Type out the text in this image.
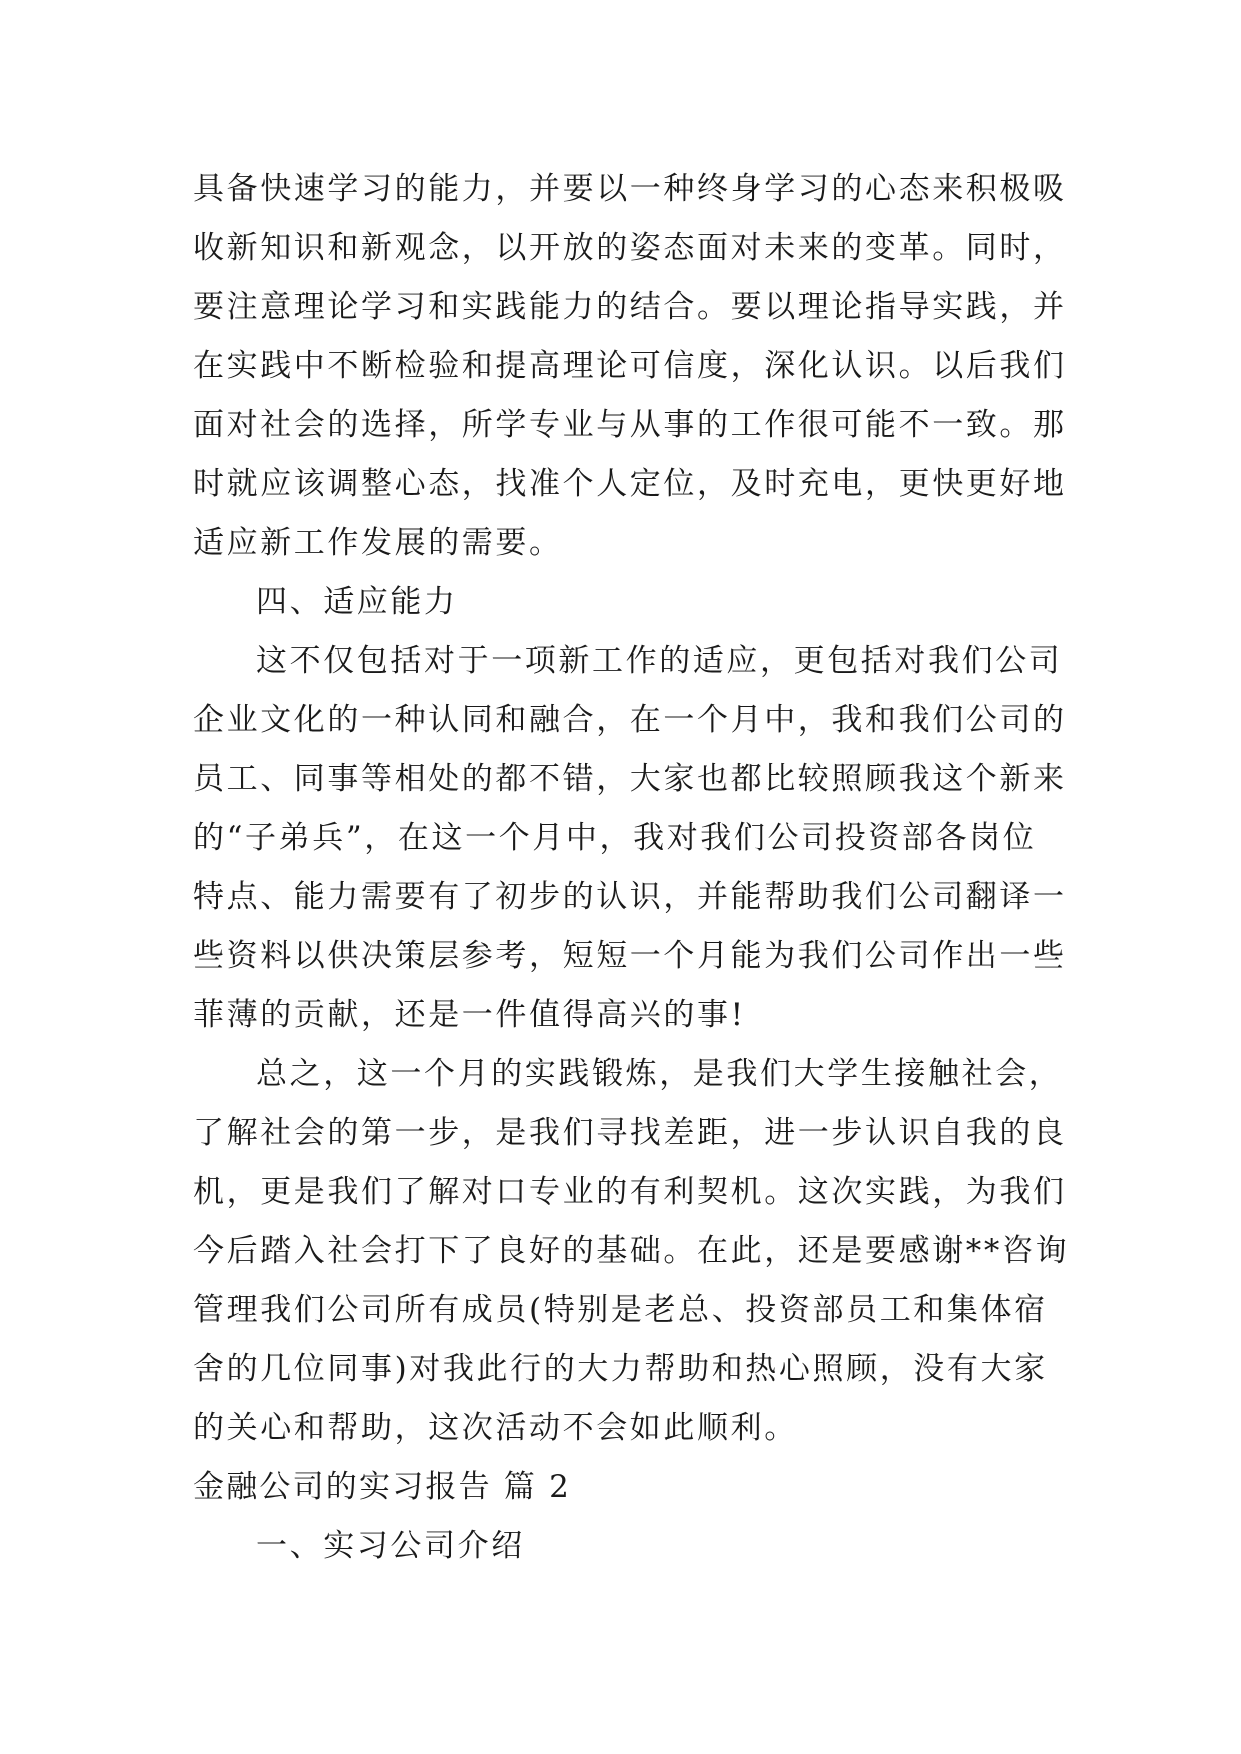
具备快速学习的能力，并要以一种终身学习的心态来积极吸
收新知识和新观念，以开放的姿态面对未来的变革。同时，
要注意理论学习和实践能力的结合。要以理论指导实践，并
在实践中不断检验和提高理论可信度，深化认识。以后我们
面对社会的选择，所学专业与从事的工作很可能不一致。那
时就应该调整心态，找准个人定位，及时充电，更快更好地
适应新工作发展的需要。
四、适应能力
这不仅包括对于一项新工作的适应，更包括对我们公司
企业文化的一种认同和融合，在一个月中，我和我们公司的
员工、同事等相处的都不错，大家也都比较照顾我这个新来
的“子弟兵”，在这一个月中，我对我们公司投资部各岗位
特点、能力需要有了初步的认识，并能帮助我们公司翻译一
些资料以供决策层参考，短短一个月能为我们公司作出一些
菲薄的贡献，还是一件值得高兴的事!
总之，这一个月的实践锻炼，是我们大学生接触社会，
了解社会的第一步，是我们寻找差距，进一步认识自我的良
机，更是我们了解对口专业的有利契机。这次实践，为我们
今后踏入社会打下了良好的基础。在此，还是要感谢**咨询
管理我们公司所有成员(特别是老总、投资部员工和集体宿
舍的几位同事)对我此行的大力帮助和热心照顾，没有大家
的关心和帮助，这次活动不会如此顺利。
金融公司的实习报告 篇 2
一、实习公司介绍
